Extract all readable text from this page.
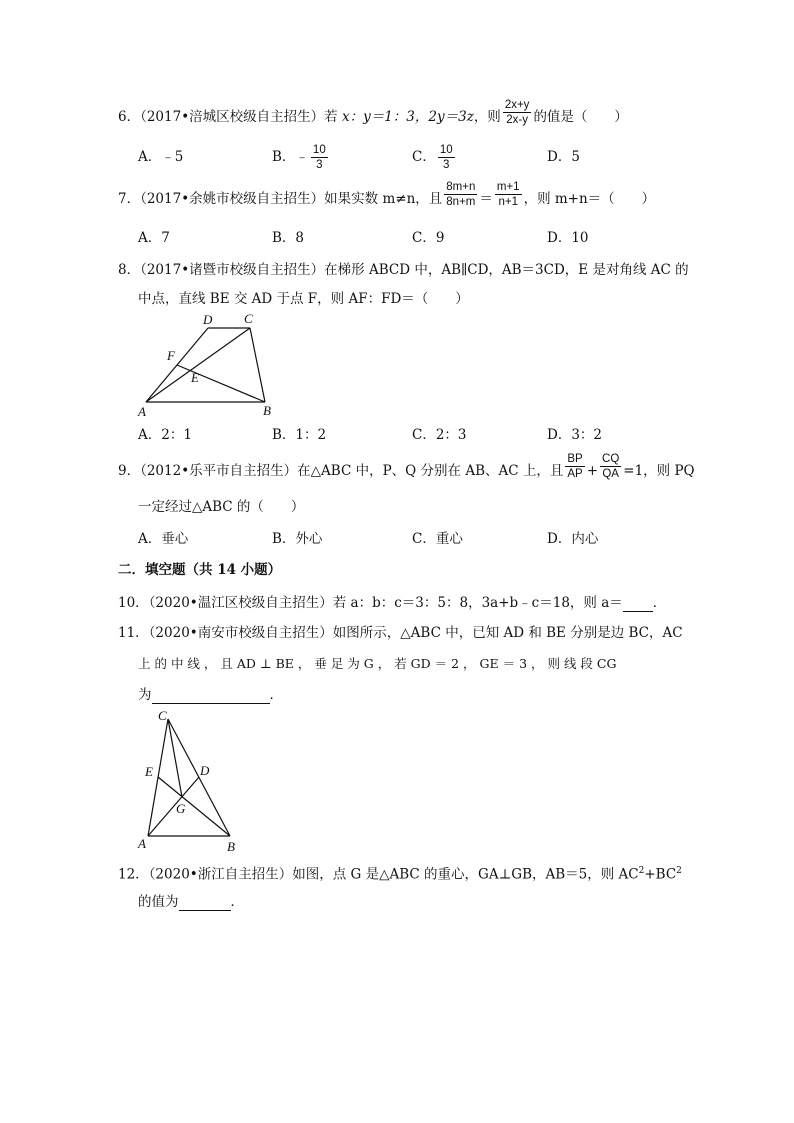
6．（2017•涪城区校级自主招生）若 x：y＝1：3，2y＝3z，则 $\frac{2x+y}{2x-y}$ 的值是（　　）
A．﹣5	B．﹣ $\frac{10}{3}$	C． $\frac{10}{3}$	D．5
7．（2017•余姚市校级自主招生）如果实数 m≠n，且 $\frac{8m+n}{8n+m} = \frac{m+1}{n+1}$ ，则 m+n＝（　　）
A．7	B．8	C．9	D．10
8．（2017•诸暨市校级自主招生）在梯形 ABCD 中，AB∥CD，AB＝3CD，E 是对角线 AC 的
中点，直线 BE 交 AD 于点 F，则 AF：FD＝（　　）
A	B
C
D
E
F
A．2：1	B．1：2	C．2：3	D．3：2
9．（2012•乐平市自主招生）在△ABC 中，P、Q 分别在 AB、AC 上，且 $\frac{BP}{AP} + \frac{CQ}{QA} =1$，则 PQ
一定经过△ABC 的（　　）
A．垂心	B．外心	C．重心	D．内心
二．填空题（共 14 小题）
10．（2020•温江区校级自主招生）若 a：b：c＝3：5：8，3a+b﹣c＝18，则 a＝ ．
11．（2020•南安市校级自主招生）如图所示，△ABC 中，已知 AD 和 BE 分别是边 BC，AC
上 的 中 线 ， 且 AD ⊥ BE ， 垂 足 为 G ， 若 GD ＝ 2 ， GE ＝ 3 ， 则 线 段 CG
为	．
A	B
C
D
E
G
12．（2020•浙江自主招生）如图，点 G 是△ABC 的重心，GA⊥GB，AB＝5，则 $AC^2+BC^2$
的值为	．
